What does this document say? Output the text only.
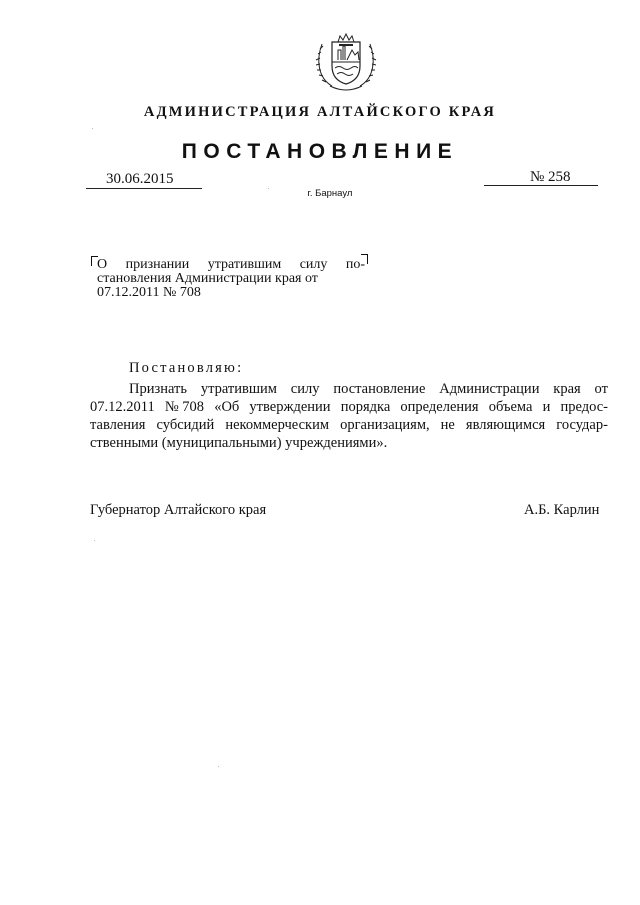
АДМИНИСТРАЦИЯ АЛТАЙСКОГО КРАЯ
ПОСТАНОВЛЕНИЕ
30.06.2015	№ 258
г. Барнаул
О признании утратившим силу по-
становления Администрации края от
07.12.2011 № 708
Постановляю:
Признать утратившим силу постановление Администрации края от
07.12.2011 № 708 «Об утверждении порядка определения объема и предос-
тавления субсидий некоммерческим организациям, не являющимся государ-
ственными (муниципальными) учреждениями».
Губернатор Алтайского края	А.Б. Карлин
